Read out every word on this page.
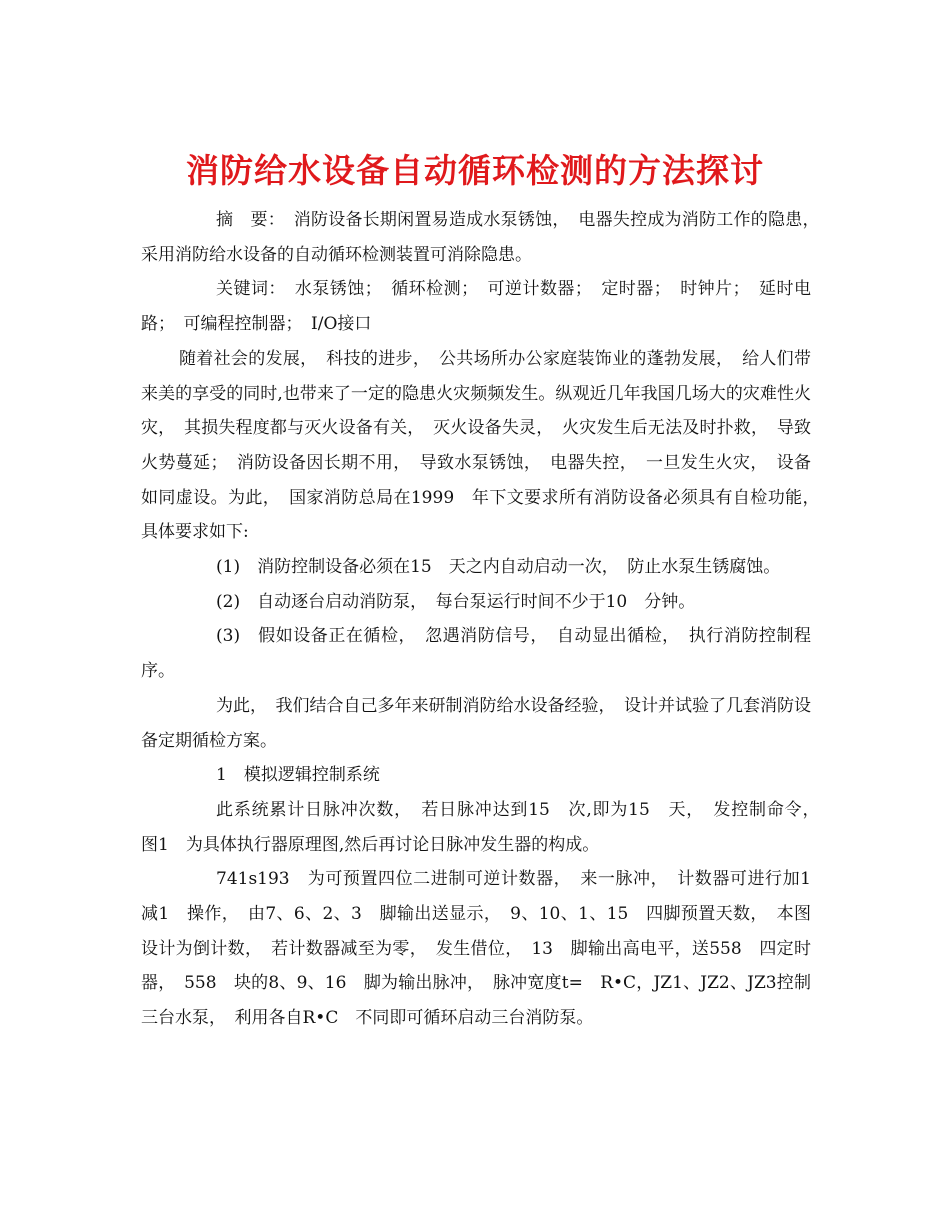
消防给水设备自动循环检测的方法探讨

摘　要：　消防设备长期闲置易造成水泵锈蚀，　电器失控成为消防工作的隐患，　采用消防给水设备的自动循环检测装置可消除隐患。

关键词：　水泵锈蚀；　循环检测；　可逆计数器；　定时器；　时钟片；　延时电路；　可编程控制器；　I/O接口

随着社会的发展，　科技的进步，　公共场所办公家庭装饰业的蓬勃发展，　给人们带来美的享受的同时,也带来了一定的隐患火灾频频发生。纵观近几年我国几场大的灾难性火灾，　其损失程度都与灭火设备有关，　灭火设备失灵，　火灾发生后无法及时扑救，　导致火势蔓延；　消防设备因长期不用，　导致水泵锈蚀，　电器失控，　一旦发生火灾，　设备如同虚设。为此，　国家消防总局在1999　年下文要求所有消防设备必须具有自检功能，　具体要求如下:

(1)　消防控制设备必须在15　天之内自动启动一次，　防止水泵生锈腐蚀。

(2)　自动逐台启动消防泵，　每台泵运行时间不少于10　分钟。

(3)　假如设备正在循检，　忽遇消防信号，　自动显出循检，　执行消防控制程序。

为此，　我们结合自己多年来研制消防给水设备经验，　设计并试验了几套消防设备定期循检方案。

1　模拟逻辑控制系统

此系统累计日脉冲次数，　若日脉冲达到15　次,即为15　天，　发控制命令，　图1　为具体执行器原理图,然后再讨论日脉冲发生器的构成。

741s193　为可预置四位二进制可逆计数器，　来一脉冲，　计数器可进行加1　减1　操作，　由7、6、2、3　脚输出送显示，　9、10、1、15　四脚预置天数，　本图设计为倒计数，　若计数器减至为零，　发生借位，　13　脚输出高电平，送558　四定时器，　558　块的8、9、16　脚为输出脉冲，　脉冲宽度t=　R•C，JZ1、JZ2、JZ3控制三台水泵，　利用各自R•C　不同即可循环启动三台消防泵。
